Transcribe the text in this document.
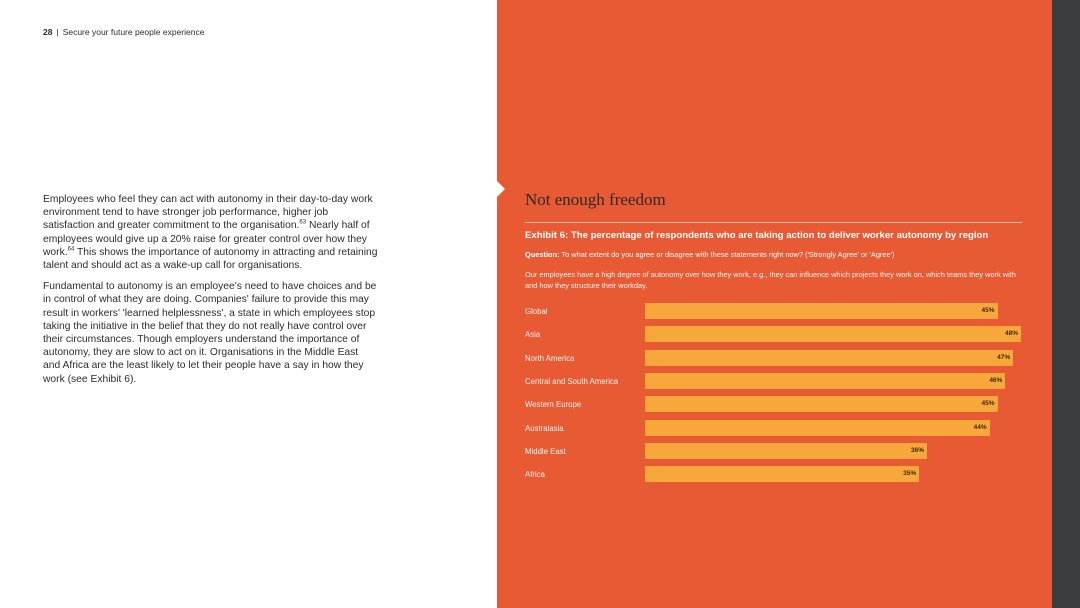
28 | Secure your future people experience

Employees who feel they can act with autonomy in their day-to-day work environment tend to have stronger job performance, higher job satisfaction and greater commitment to the organisation.$^{63}$ Nearly half of employees would give up a 20% raise for greater control over how they work.$^{64}$ This shows the importance of autonomy in attracting and retaining talent and should act as a wake-up call for organisations.

Fundamental to autonomy is an employee's need to have choices and be in control of what they are doing. Companies' failure to provide this may result in workers' 'learned helplessness', a state in which employees stop taking the initiative in the belief that they do not really have control over their circumstances. Though employers understand the importance of autonomy, they are slow to act on it. Organisations in the Middle East and Africa are the least likely to let their people have a say in how they work (see Exhibit 6).

Not enough freedom
Exhibit 6: The percentage of respondents who are taking action to deliver worker autonomy by region
Question: To what extent do you agree or disagree with these statements right now? ('Strongly Agree' or 'Agree')
Our employees have a high degree of autonomy over how they work, e.g., they can influence which projects they work on, which teams they work with and how they structure their workday.
Global	45%
Asia	48%
North America	47%
Central and South America	46%
Western Europe	45%
Australasia	44%
Middle East	36%
Africa	35%
